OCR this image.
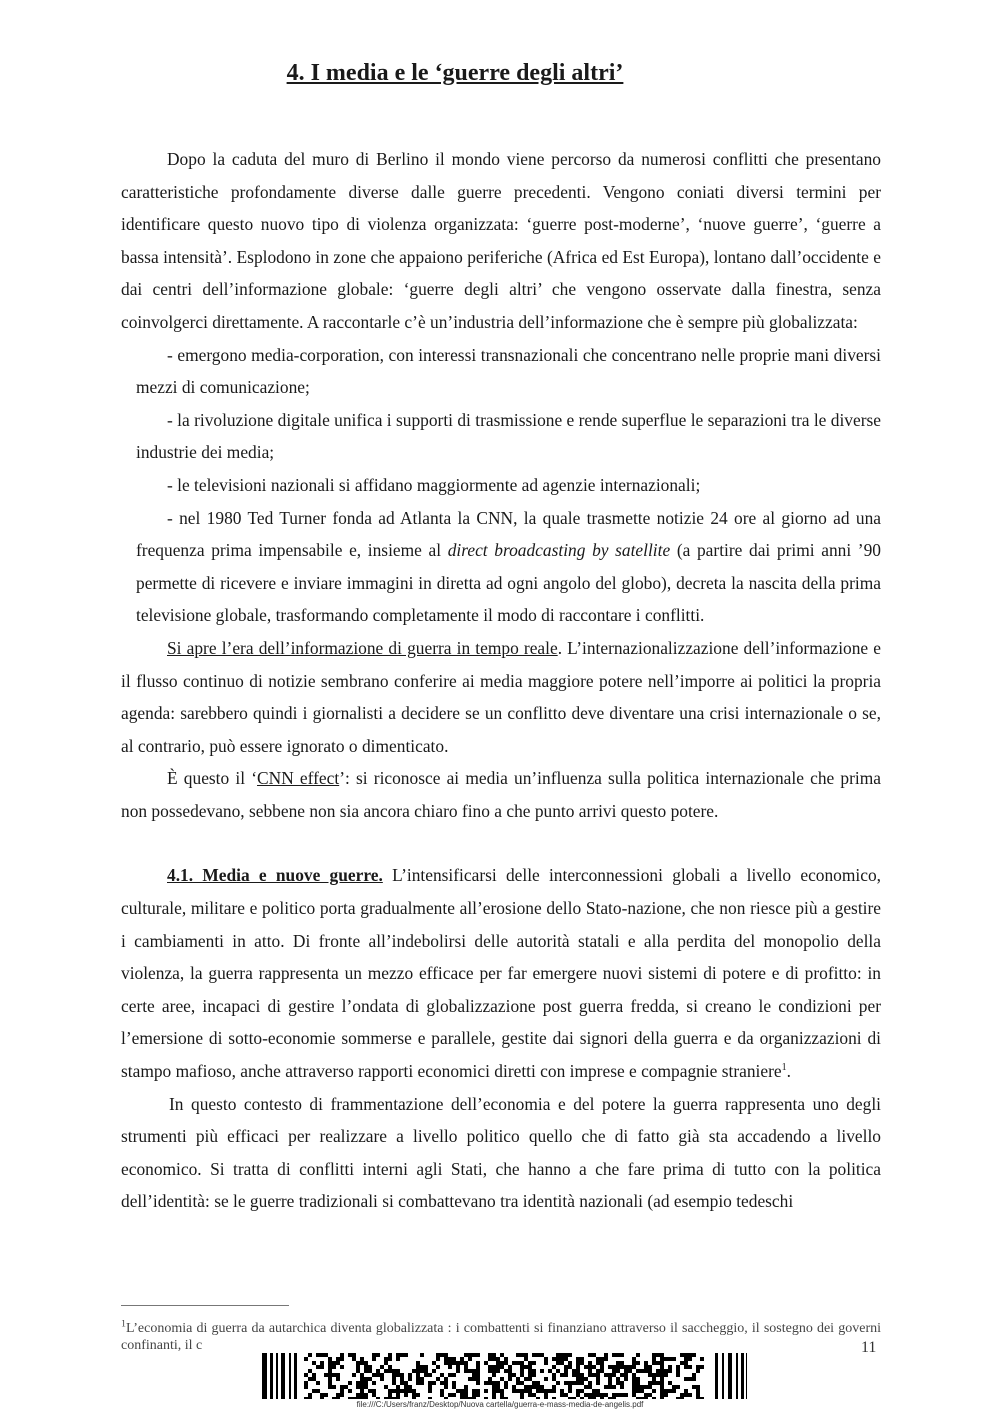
4. I media e le ‘guerre degli altri’

Dopo la caduta del muro di Berlino il mondo viene percorso da numerosi conflitti che presentano caratteristiche profondamente diverse dalle guerre precedenti. Vengono coniati diversi termini per identificare questo nuovo tipo di violenza organizzata: ‘guerre post-moderne’, ‘nuove guerre’, ‘guerre a bassa intensità’. Esplodono in zone che appaiono periferiche (Africa ed Est Europa), lontano dall’occidente e dai centri dell’informazione globale: ‘guerre degli altri’ che vengono osservate dalla finestra, senza coinvolgerci direttamente. A raccontarle c’è un’industria dell’informazione che è sempre più globalizzata:

- emergono media-corporation, con interessi transnazionali che concentrano nelle proprie mani diversi mezzi di comunicazione;

- la rivoluzione digitale unifica i supporti di trasmissione e rende superflue le separazioni tra le diverse industrie dei media;

- le televisioni nazionali si affidano maggiormente ad agenzie internazionali;

- nel 1980 Ted Turner fonda ad Atlanta la CNN, la quale trasmette notizie 24 ore al giorno ad una frequenza prima impensabile e, insieme al direct broadcasting by satellite (a partire dai primi anni ’90 permette di ricevere e inviare immagini in diretta ad ogni angolo del globo), decreta la nascita della prima televisione globale, trasformando completamente il modo di raccontare i conflitti.

Si apre l’era dell’informazione di guerra in tempo reale. L’internazionalizzazione dell’informazione e il flusso continuo di notizie sembrano conferire ai media maggiore potere nell’imporre ai politici la propria agenda: sarebbero quindi i giornalisti a decidere se un conflitto deve diventare una crisi internazionale o se, al contrario, può essere ignorato o dimenticato.

È questo il ‘CNN effect’: si riconosce ai media un’influenza sulla politica internazionale che prima non possedevano, sebbene non sia ancora chiaro fino a che punto arrivi questo potere.

4.1. Media e nuove guerre. L’intensificarsi delle interconnessioni globali a livello economico, culturale, militare e politico porta gradualmente all’erosione dello Stato-nazione, che non riesce più a gestire i cambiamenti in atto. Di fronte all’indebolirsi delle autorità statali e alla perdita del monopolio della violenza, la guerra rappresenta un mezzo efficace per far emergere nuovi sistemi di potere e di profitto: in certe aree, incapaci di gestire l’ondata di globalizzazione post guerra fredda, si creano le condizioni per l’emersione di sotto-economie sommerse e parallele, gestite dai signori della guerra e da organizzazioni di stampo mafioso, anche attraverso rapporti economici diretti con imprese e compagnie straniere$^1$.

In questo contesto di frammentazione dell’economia e del potere la guerra rappresenta uno degli strumenti più efficaci per realizzare a livello politico quello che di fatto già sta accadendo a livello economico. Si tratta di conflitti interni agli Stati, che hanno a che fare prima di tutto con la politica dell’identità: se le guerre tradizionali si combattevano tra identità nazionali (ad esempio tedeschi

$^1$L’economia di guerra da autarchica diventa globalizzata : i combattenti si finanziano attraverso il saccheggio, il sostegno dei governi confinanti, il c	11
file:///C:/Users/franz/Desktop/Nuova cartella/guerra-e-mass-media-de-angelis.pdf
